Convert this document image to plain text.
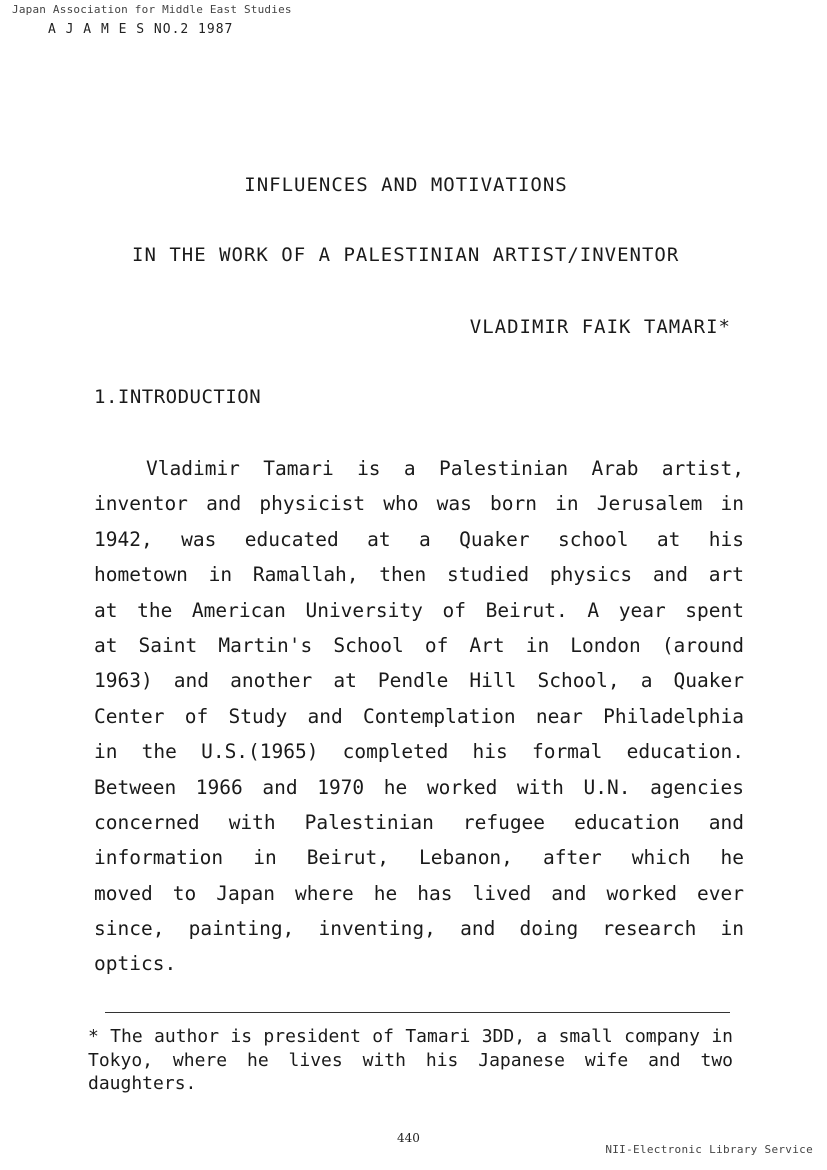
Japan Association for Middle East Studies
A J A M E S NO.2 1987
INFLUENCES AND MOTIVATIONS
IN THE WORK OF A PALESTINIAN ARTIST/INVENTOR
VLADIMIR FAIK TAMARI*
1.INTRODUCTION
Vladimir Tamari is a Palestinian Arab artist,
inventor and physicist who was born in Jerusalem in
1942, was educated at a Quaker school at his
hometown in Ramallah, then studied physics and art
at the American University of Beirut. A year spent
at Saint Martin's School of Art in London (around
1963) and another at Pendle Hill School, a Quaker
Center of Study and Contemplation near Philadelphia
in the U.S.(1965) completed his formal education.
Between 1966 and 1970 he worked with U.N. agencies
concerned with Palestinian refugee education and
information in Beirut, Lebanon, after which he
moved to Japan where he has lived and worked ever
since, painting, inventing, and doing research in
optics.
* The author is president of Tamari 3DD, a small company in
Tokyo, where he lives with his Japanese wife and two
daughters.
440
NII-Electronic Library Service
